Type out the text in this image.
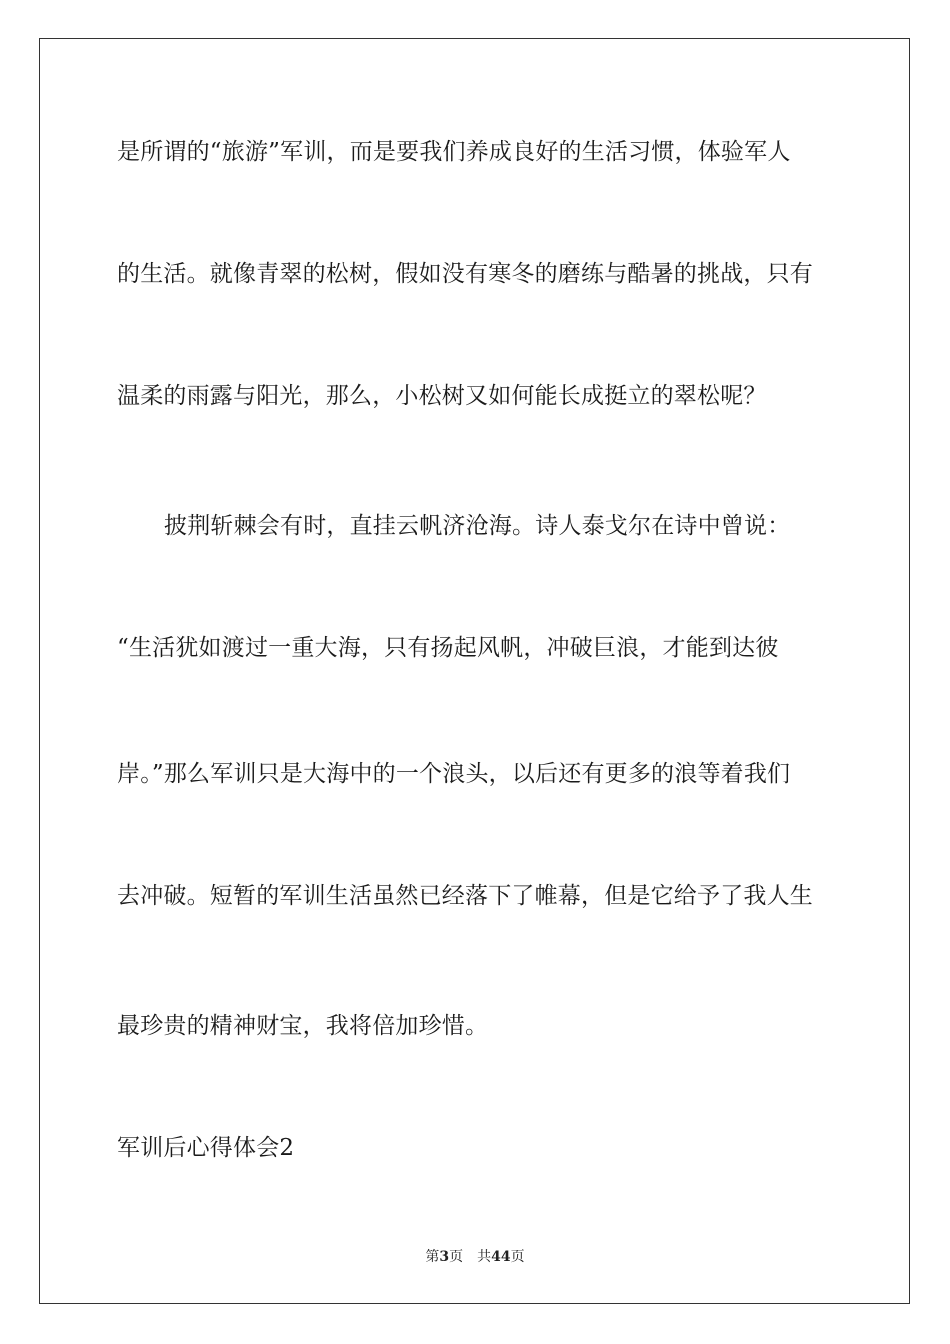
是所谓的“旅游”军训，而是要我们养成良好的生活习惯，体验军人
的生活。就像青翠的松树，假如没有寒冬的磨练与酷暑的挑战，只有
温柔的雨露与阳光，那么，小松树又如何能长成挺立的翠松呢？
披荆斩棘会有时，直挂云帆济沧海。诗人泰戈尔在诗中曾说：
“生活犹如渡过一重大海，只有扬起风帆，冲破巨浪，才能到达彼
岸。”那么军训只是大海中的一个浪头，以后还有更多的浪等着我们
去冲破。短暂的军训生活虽然已经落下了帷幕，但是它给予了我人生
最珍贵的精神财宝，我将倍加珍惜。
军训后心得体会2
第3页 共44页
